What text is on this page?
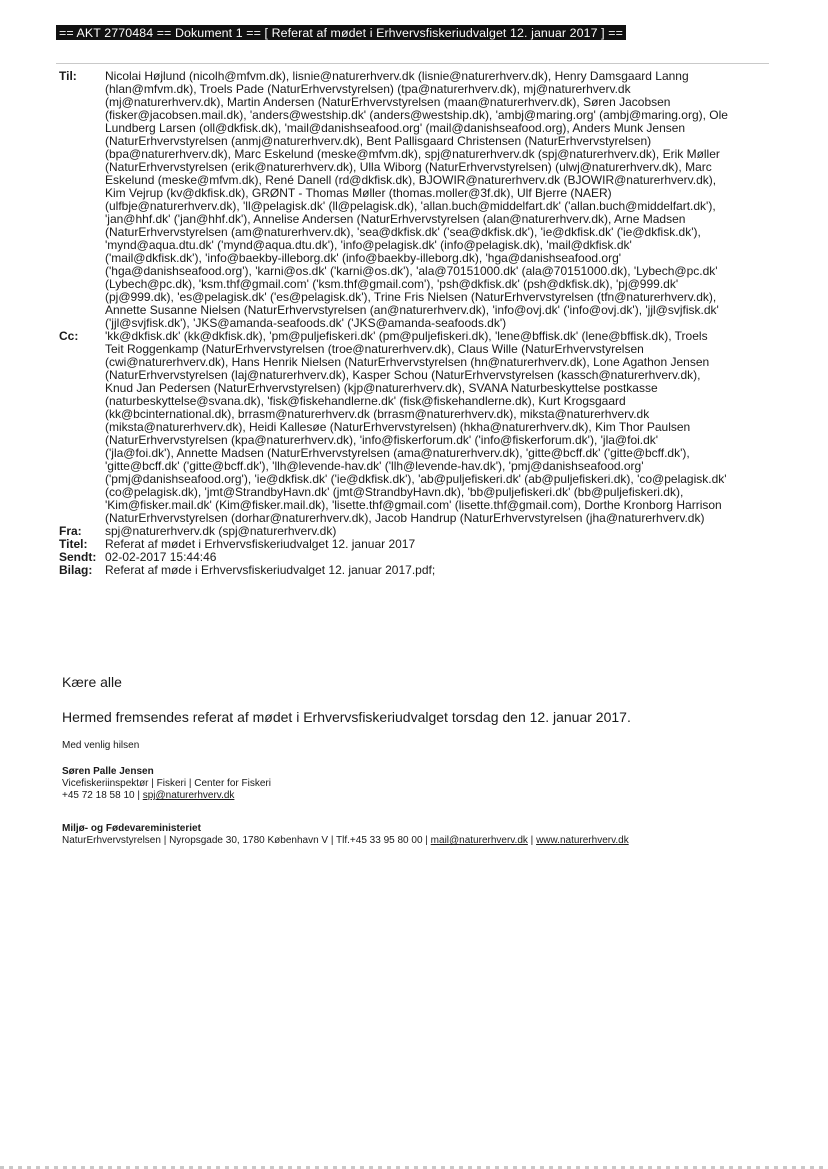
== AKT 2770484 == Dokument 1 == [ Referat af mødet i Erhvervsfiskeriudvalget 12. januar 2017 ] ==
Til:	Nicolai Højlund (nicolh@mfvm.dk), lisnie@naturerhverv.dk (lisnie@naturerhverv.dk), Henry Damsgaard Lanng
(hlan@mfvm.dk), Troels Pade (NaturErhvervstyrelsen) (tpa@naturerhverv.dk), mj@naturerhverv.dk
(mj@naturerhverv.dk), Martin Andersen (NaturErhvervstyrelsen (maan@naturerhverv.dk), Søren Jacobsen
(fisker@jacobsen.mail.dk), 'anders@westship.dk' (anders@westship.dk), 'ambj@maring.org' (ambj@maring.org), Ole
Lundberg Larsen (oll@dkfisk.dk), 'mail@danishseafood.org' (mail@danishseafood.org), Anders Munk Jensen
(NaturErhvervstyrelsen (anmj@naturerhverv.dk), Bent Pallisgaard Christensen (NaturErhvervstyrelsen)
(bpa@naturerhverv.dk), Marc Eskelund (meske@mfvm.dk), spj@naturerhverv.dk (spj@naturerhverv.dk), Erik Møller
(NaturErhvervstyrelsen (erik@naturerhverv.dk), Ulla Wiborg (NaturErhvervstyrelsen) (ulwj@naturerhverv.dk), Marc
Eskelund (meske@mfvm.dk), René Danell (rd@dkfisk.dk), BJOWIR@naturerhverv.dk (BJOWIR@naturerhverv.dk),
Kim Vejrup (kv@dkfisk.dk), GRØNT - Thomas Møller (thomas.moller@3f.dk), Ulf Bjerre (NAER)
(ulfbje@naturerhverv.dk), 'll@pelagisk.dk' (ll@pelagisk.dk), 'allan.buch@middelfart.dk' ('allan.buch@middelfart.dk'),
'jan@hhf.dk' ('jan@hhf.dk'), Annelise Andersen (NaturErhvervstyrelsen (alan@naturerhverv.dk), Arne Madsen
(NaturErhvervstyrelsen (am@naturerhverv.dk), 'sea@dkfisk.dk' ('sea@dkfisk.dk'), 'ie@dkfisk.dk' ('ie@dkfisk.dk'),
'mynd@aqua.dtu.dk' ('mynd@aqua.dtu.dk'), 'info@pelagisk.dk' (info@pelagisk.dk), 'mail@dkfisk.dk'
('mail@dkfisk.dk'), 'info@baekby-illeborg.dk' (info@baekby-illeborg.dk), 'hga@danishseafood.org'
('hga@danishseafood.org'), 'karni@os.dk' ('karni@os.dk'), 'ala@70151000.dk' (ala@70151000.dk), 'Lybech@pc.dk'
(Lybech@pc.dk), 'ksm.thf@gmail.com' ('ksm.thf@gmail.com'), 'psh@dkfisk.dk' (psh@dkfisk.dk), 'pj@999.dk'
(pj@999.dk), 'es@pelagisk.dk' ('es@pelagisk.dk'), Trine Fris Nielsen (NaturErhvervstyrelsen (tfn@naturerhverv.dk),
Annette Susanne Nielsen (NaturErhvervstyrelsen (an@naturerhverv.dk), 'info@ovj.dk' ('info@ovj.dk'), 'jjl@svjfisk.dk'
('jjl@svjfisk.dk'), 'JKS@amanda-seafoods.dk' ('JKS@amanda-seafoods.dk')
Cc:	'kk@dkfisk.dk' (kk@dkfisk.dk), 'pm@puljefiskeri.dk' (pm@puljefiskeri.dk), 'lene@bffisk.dk' (lene@bffisk.dk), Troels
Teit Roggenkamp (NaturErhvervstyrelsen (troe@naturerhverv.dk), Claus Wille (NaturErhvervstyrelsen
(cwi@naturerhverv.dk), Hans Henrik Nielsen (NaturErhvervstyrelsen (hn@naturerhverv.dk), Lone Agathon Jensen
(NaturErhvervstyrelsen (laj@naturerhverv.dk), Kasper Schou (NaturErhvervstyrelsen (kassch@naturerhverv.dk),
Knud Jan Pedersen (NaturErhvervstyrelsen) (kjp@naturerhverv.dk), SVANA Naturbeskyttelse postkasse
(naturbeskyttelse@svana.dk), 'fisk@fiskehandlerne.dk' (fisk@fiskehandlerne.dk), Kurt Krogsgaard
(kk@bcinternational.dk), brrasm@naturerhverv.dk (brrasm@naturerhverv.dk), miksta@naturerhverv.dk
(miksta@naturerhverv.dk), Heidi Kallesøe (NaturErhvervstyrelsen) (hkha@naturerhverv.dk), Kim Thor Paulsen
(NaturErhvervstyrelsen (kpa@naturerhverv.dk), 'info@fiskerforum.dk' ('info@fiskerforum.dk'), 'jla@foi.dk'
('jla@foi.dk'), Annette Madsen (NaturErhvervstyrelsen (ama@naturerhverv.dk), 'gitte@bcff.dk' ('gitte@bcff.dk'),
'gitte@bcff.dk' ('gitte@bcff.dk'), 'llh@levende-hav.dk' ('llh@levende-hav.dk'), 'pmj@danishseafood.org'
('pmj@danishseafood.org'), 'ie@dkfisk.dk' ('ie@dkfisk.dk'), 'ab@puljefiskeri.dk' (ab@puljefiskeri.dk), 'co@pelagisk.dk'
(co@pelagisk.dk), 'jmt@StrandbyHavn.dk' (jmt@StrandbyHavn.dk), 'bb@puljefiskeri.dk' (bb@puljefiskeri.dk),
'Kim@fisker.mail.dk' (Kim@fisker.mail.dk), 'lisette.thf@gmail.com' (lisette.thf@gmail.com), Dorthe Kronborg Harrison
(NaturErhvervstyrelsen (dorhar@naturerhverv.dk), Jacob Handrup (NaturErhvervstyrelsen (jha@naturerhverv.dk)
Fra:	spj@naturerhverv.dk (spj@naturerhverv.dk)
Titel:	Referat af mødet i Erhvervsfiskeriudvalget 12. januar 2017
Sendt: 02-02-2017 15:44:46
Bilag:	Referat af møde i Erhvervsfiskeriudvalget 12. januar 2017.pdf;
Kære alle
Hermed fremsendes referat af mødet i Erhvervsfiskeriudvalget torsdag den 12. januar 2017.
Med venlig hilsen
Søren Palle Jensen
Vicefiskeriinspektør | Fiskeri | Center for Fiskeri
+45 72 18 58 10 | spj@naturerhverv.dk
Miljø- og Fødevareministeriet
NaturErhvervstyrelsen | Nyropsgade 30, 1780 København V | Tlf.+45 33 95 80 00 | mail@naturerhverv.dk | www.naturerhverv.dk
